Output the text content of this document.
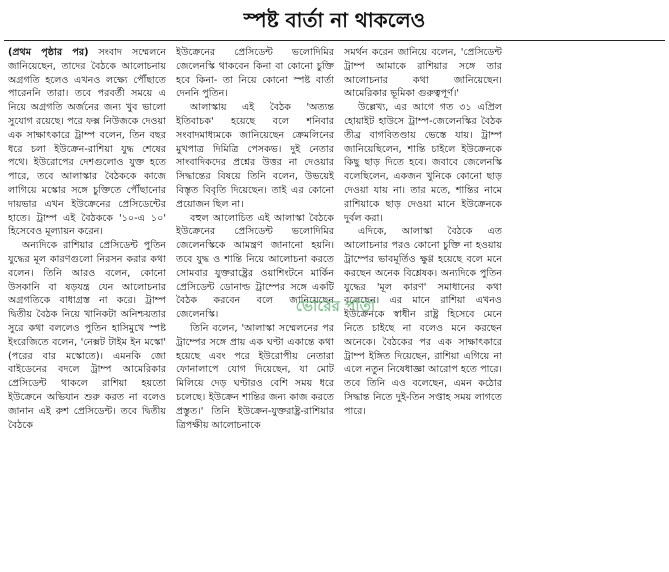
স্পষ্ট বার্তা না থাকলেও

(প্রথম পৃষ্ঠার পর) সংবাদ সম্মেলনে জানিয়েছেন, তাদের বৈঠকে আলোচনায় অগ্রগতি হলেও এখনও লক্ষ্যে পৌঁছাতে পারেননি তারা। তবে পরবর্তী সময়ে এ নিয়ে অগ্রগতি অর্জনের জন্য খুব ভালো সুযোগ রয়েছে। পরে ফক্স নিউজকে দেওয়া এক সাক্ষাৎকারে ট্রাম্প বলেন, তিন বছর ধরে চলা ইউক্রেন-রাশিয়া যুদ্ধ শেষের পথে। ইউরোপের দেশগুলোও যুক্ত হতে পারে, তবে আলাস্কার বৈঠককে কাজে লাগিয়ে মস্কোর সঙ্গে চুক্তিতে পৌঁছানোর দায়ভার এখন ইউক্রেনের প্রেসিডেন্টের হাতে। ট্রাম্প এই বৈঠককে '১০-এ ১০' হিসেবেও মূল্যায়ন করেন।

অন্যদিকে রাশিয়ার প্রেসিডেন্ট পুতিন যুদ্ধের মূল কারণগুলো নিরসন করার কথা বলেন। তিনি আরও বলেন, কোনো উসকানি বা ষড়যন্ত্র যেন আলোচনার অগ্রগতিকে বাধাগ্রস্ত না করে। ট্রাম্প দ্বিতীয় বৈঠক নিয়ে খানিকটা অনিশ্চয়তার সুরে কথা বললেও পুতিন হাসিমুখে স্পষ্ট ইংরেজিতে বলেন, 'নেক্সট টাইম ইন মস্কো' (পরের বার মস্কোতে)। এমনকি জো বাইডেনের বদলে ট্রাম্প আমেরিকার প্রেসিডেন্ট থাকলে রাশিয়া হয়তো ইউক্রেনে অভিযান শুরু করত না বলেও জানান এই রুশ প্রেসিডেন্ট। তবে দ্বিতীয় বৈঠকে

ইউক্রেনের প্রেসিডেন্ট ভলোদিমির জেলেনস্কি থাকবেন কিনা বা কোনো চুক্তি হবে কিনা- তা নিয়ে কোনো স্পষ্ট বার্তা দেননি পুতিন।

আলাস্কায় এই বৈঠক 'অত্যন্ত ইতিবাচক' হয়েছে বলে শনিবার সংবাদমাধ্যমকে জানিয়েছেন ক্রেমলিনের মুখপাত্র দিমিত্রি পেসকভ। দুই নেতার সাংবাদিকদের প্রশ্নের উত্তর না দেওয়ার সিদ্ধান্তের বিষয়ে তিনি বলেন, উভয়েই বিস্তৃত বিবৃতি দিয়েছেন। তাই এর কোনো প্রয়োজন ছিল না।

বহুল আলোচিত এই আলাস্কা বৈঠকে ইউক্রেনের প্রেসিডেন্ট ভলোদিমির জেলেনস্কিকে আমন্ত্রণ জানানো হয়নি। তবে যুদ্ধ ও শান্তি নিয়ে আলোচনা করতে সোমবার যুক্তরাষ্ট্রের ওয়াশিংটনে মার্কিন প্রেসিডেন্ট ডোনাল্ড ট্রাম্পের সঙ্গে একটি বৈঠক করবেন বলে জানিয়েছেন জেলেনস্কি।

তিনি বলেন, 'আলাস্কা সম্মেলনের পর ট্রাম্পের সঙ্গে প্রায় এক ঘণ্টা একান্তে কথা হয়েছে এবং পরে ইউরোপীয় নেতারা ফোনালাপে যোগ দিয়েছেন, যা মোট মিলিয়ে দেড় ঘণ্টারও বেশি সময় ধরে চলেছে। ইউক্রেন শান্তির জন্য কাজ করতে প্রস্তুত।' তিনি ইউক্রেন-যুক্তরাষ্ট্র-রাশিয়ার ত্রিপক্ষীয় আলোচনাকে

সমর্থন করেন জানিয়ে বলেন, 'প্রেসিডেন্ট ট্রাম্প আমাকে রাশিয়ার সঙ্গে তার আলোচনার কথা জানিয়েছেন। আমেরিকার ভূমিকা গুরুত্বপূর্ণ।'

উল্লেখ্য, এর আগে গত ৩১ এপ্রিল হোয়াইট হাউসে ট্রাম্প-জেলেনস্কির বৈঠক তীব্র বাগবিতণ্ডায় ভেস্তে যায়। ট্রাম্প জানিয়েছিলেন, শান্তি চাইলে ইউক্রেনকে কিছু ছাড় দিতে হবে। জবাবে জেলেনস্কি বলেছিলেন, একজন খুনিকে কোনো ছাড় দেওয়া যায় না। তার মতে, শান্তির নামে রাশিয়াকে ছাড় দেওয়া মানে ইউক্রেনকে দুর্বল করা।

এদিকে, আলাস্কা বৈঠকে এত আলোচনার পরও কোনো চুক্তি না হওয়ায় ট্রাম্পের ভাবমূর্তিও ক্ষুণ্ণ হয়েছে বলে মনে করছেন অনেক বিশ্লেষক। অন্যদিকে পুতিন যুদ্ধের 'মূল কারণ' সমাধানের কথা বলেছেন। এর মানে রাশিয়া এখনও ইউক্রেনকে স্বাধীন রাষ্ট্র হিসেবে মেনে নিতে চাইছে না বলেও মনে করছেন অনেকে। বৈঠকের পর এক সাক্ষাৎকারে ট্রাম্প ইঙ্গিত দিয়েছেন, রাশিয়া এগিয়ে না এলে নতুন নিষেধাজ্ঞা আরোপ হতে পারে। তবে তিনি এও বলেছেন, এমন কঠোর সিদ্ধান্ত নিতে দুই-তিন সপ্তাহ সময় লাগতে পারে।

ভোরের পাতা
